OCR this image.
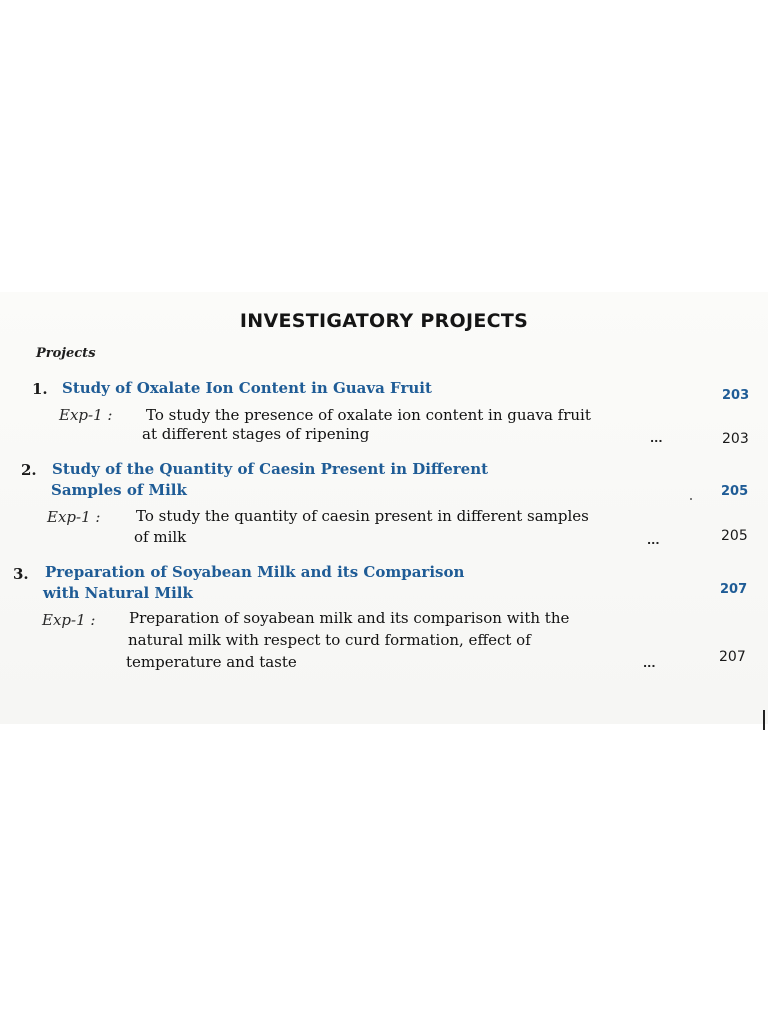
INVESTIGATORY PROJECTS
Projects
1. Study of Oxalate Ion Content in Guava Fruit	203
Exp-1 : To study the presence of oxalate ion content in guava fruit
at different stages of ripening	...	203
2. Study of the Quantity of Caesin Present in Different
Samples of Milk	205
Exp-1 : To study the quantity of caesin present in different samples
of milk	...	205
3. Preparation of Soyabean Milk and its Comparison
with Natural Milk	207
Exp-1 : Preparation of soyabean milk and its comparison with the
natural milk with respect to curd formation, effect of
temperature and taste	...	207
